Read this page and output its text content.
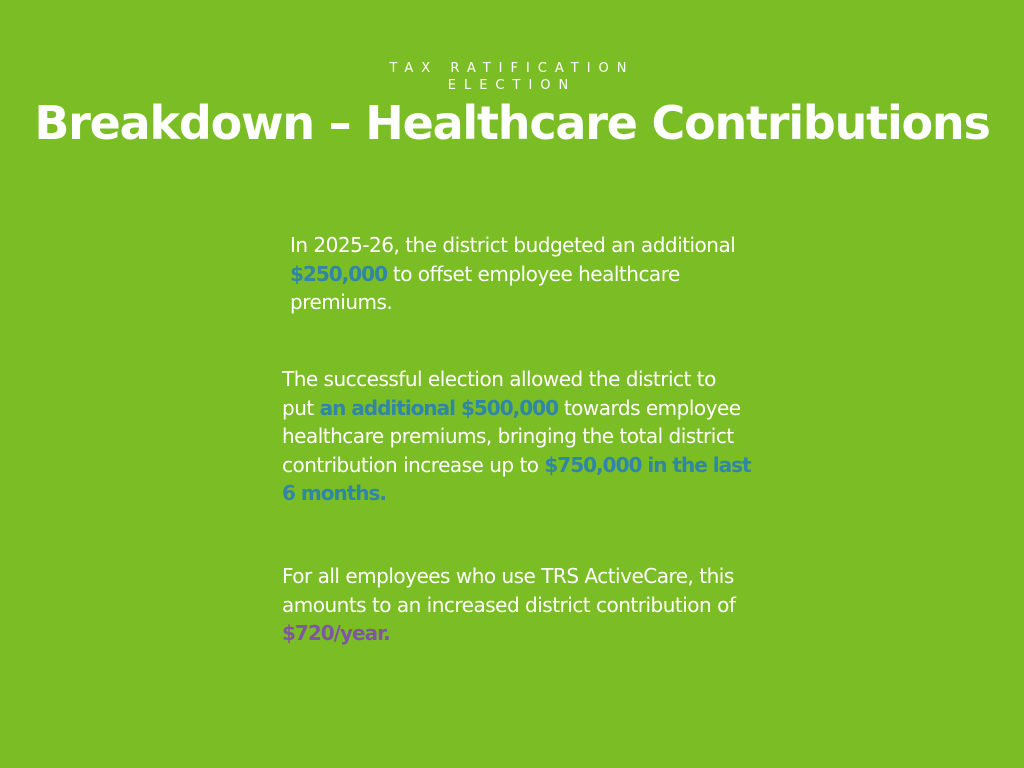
TAX RATIFICATION ELECTION
Breakdown – Healthcare Contributions

In 2025-26, the district budgeted an additional $250,000 to offset employee healthcare premiums.

The successful election allowed the district to put an additional $500,000 towards employee healthcare premiums, bringing the total district contribution increase up to $750,000 in the last 6 months.

For all employees who use TRS ActiveCare, this amounts to an increased district contribution of $720/year.
